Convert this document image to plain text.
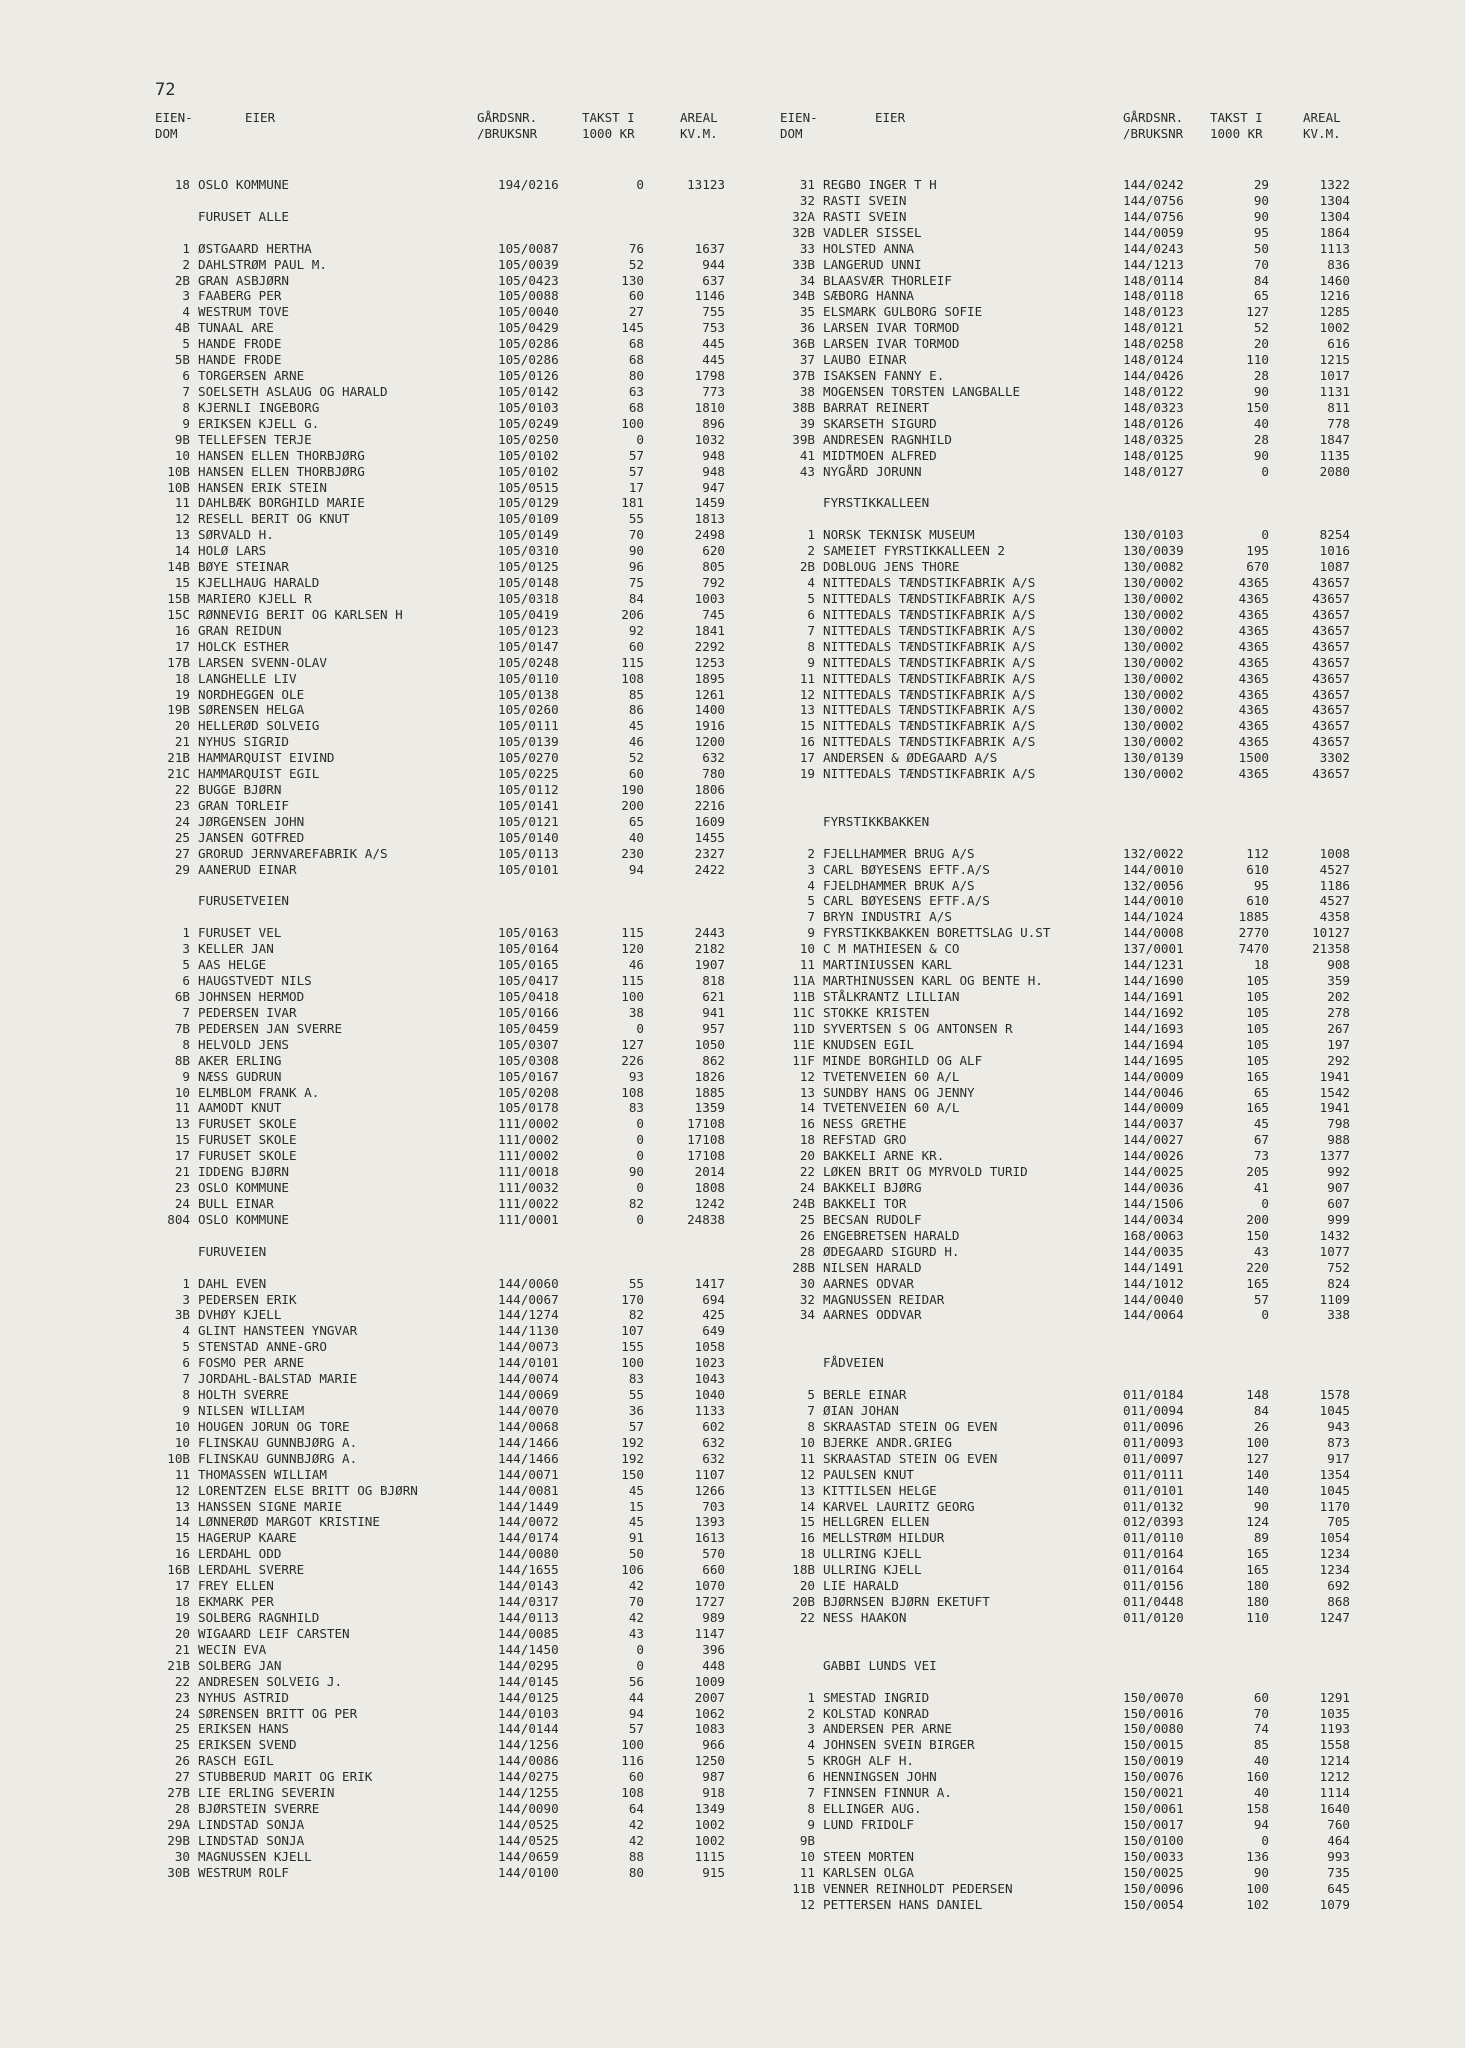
72
EIEN-
DOM
EIER	GÅRDSNR.
/BRUKSNR
TAKST I
1000 KR
AREAL
KV.M.
18 OSLO KOMMUNE	194/0216	0	13123
FURUSET ALLE
1 ØSTGAARD HERTHA	105/0087	76	1637
2 DAHLSTRØM PAUL M.	105/0039	52	944
2B GRAN ASBJØRN	105/0423	130	637
3 FAABERG PER	105/0088	60	1146
4 WESTRUM TOVE	105/0040	27	755
4B TUNAAL ARE	105/0429	145	753
5 HANDE FRODE	105/0286	68	445
5B HANDE FRODE	105/0286	68	445
6 TORGERSEN ARNE	105/0126	80	1798
7 SOELSETH ASLAUG OG HARALD	105/0142	63	773
8 KJERNLI INGEBORG	105/0103	68	1810
9 ERIKSEN KJELL G.	105/0249	100	896
9B TELLEFSEN TERJE	105/0250	0	1032
10 HANSEN ELLEN THORBJØRG	105/0102	57	948
10B HANSEN ELLEN THORBJØRG	105/0102	57	948
10B HANSEN ERIK STEIN	105/0515	17	947
11 DAHLBÆK BORGHILD MARIE	105/0129	181	1459
12 RESELL BERIT OG KNUT	105/0109	55	1813
13 SØRVALD H.	105/0149	70	2498
14 HOLØ LARS	105/0310	90	620
14B BØYE STEINAR	105/0125	96	805
15 KJELLHAUG HARALD	105/0148	75	792
15B MARIERO KJELL R	105/0318	84	1003
15C RØNNEVIG BERIT OG KARLSEN H	105/0419	206	745
16 GRAN REIDUN	105/0123	92	1841
17 HOLCK ESTHER	105/0147	60	2292
17B LARSEN SVENN-OLAV	105/0248	115	1253
18 LANGHELLE LIV	105/0110	108	1895
19 NORDHEGGEN OLE	105/0138	85	1261
19B SØRENSEN HELGA	105/0260	86	1400
20 HELLERØD SOLVEIG	105/0111	45	1916
21 NYHUS SIGRID	105/0139	46	1200
21B HAMMARQUIST EIVIND	105/0270	52	632
21C HAMMARQUIST EGIL	105/0225	60	780
22 BUGGE BJØRN	105/0112	190	1806
23 GRAN TORLEIF	105/0141	200	2216
24 JØRGENSEN JOHN	105/0121	65	1609
25 JANSEN GOTFRED	105/0140	40	1455
27 GRORUD JERNVAREFABRIK A/S	105/0113	230	2327
29 AANERUD EINAR	105/0101	94	2422
FURUSETVEIEN
1 FURUSET VEL	105/0163	115	2443
3 KELLER JAN	105/0164	120	2182
5 AAS HELGE	105/0165	46	1907
6 HAUGSTVEDT NILS	105/0417	115	818
6B JOHNSEN HERMOD	105/0418	100	621
7 PEDERSEN IVAR	105/0166	38	941
7B PEDERSEN JAN SVERRE	105/0459	0	957
8 HELVOLD JENS	105/0307	127	1050
8B AKER ERLING	105/0308	226	862
9 NÆSS GUDRUN	105/0167	93	1826
10 ELMBLOM FRANK A.	105/0208	108	1885
11 AAMODT KNUT	105/0178	83	1359
13 FURUSET SKOLE	111/0002	0	17108
15 FURUSET SKOLE	111/0002	0	17108
17 FURUSET SKOLE	111/0002	0	17108
21 IDDENG BJØRN	111/0018	90	2014
23 OSLO KOMMUNE	111/0032	0	1808
24 BULL EINAR	111/0022	82	1242
804 OSLO KOMMUNE	111/0001	0	24838
FURUVEIEN
1 DAHL EVEN	144/0060	55	1417
3 PEDERSEN ERIK	144/0067	170	694
3B DVHØY KJELL	144/1274	82	425
4 GLINT HANSTEEN YNGVAR	144/1130	107	649
5 STENSTAD ANNE-GRO	144/0073	155	1058
6 FOSMO PER ARNE	144/0101	100	1023
7 JORDAHL-BALSTAD MARIE	144/0074	83	1043
8 HOLTH SVERRE	144/0069	55	1040
9 NILSEN WILLIAM	144/0070	36	1133
10 HOUGEN JORUN OG TORE	144/0068	57	602
10 FLINSKAU GUNNBJØRG A.	144/1466	192	632
10B FLINSKAU GUNNBJØRG A.	144/1466	192	632
11 THOMASSEN WILLIAM	144/0071	150	1107
12 LORENTZEN ELSE BRITT OG BJØRN	144/0081	45	1266
13 HANSSEN SIGNE MARIE	144/1449	15	703
14 LØNNERØD MARGOT KRISTINE	144/0072	45	1393
15 HAGERUP KAARE	144/0174	91	1613
16 LERDAHL ODD	144/0080	50	570
16B LERDAHL SVERRE	144/1655	106	660
17 FREY ELLEN	144/0143	42	1070
18 EKMARK PER	144/0317	70	1727
19 SOLBERG RAGNHILD	144/0113	42	989
20 WIGAARD LEIF CARSTEN	144/0085	43	1147
21 WECIN EVA	144/1450	0	396
21B SOLBERG JAN	144/0295	0	448
22 ANDRESEN SOLVEIG J.	144/0145	56	1009
23 NYHUS ASTRID	144/0125	44	2007
24 SØRENSEN BRITT OG PER	144/0103	94	1062
25 ERIKSEN HANS	144/0144	57	1083
25 ERIKSEN SVEND	144/1256	100	966
26 RASCH EGIL	144/0086	116	1250
27 STUBBERUD MARIT OG ERIK	144/0275	60	987
27B LIE ERLING SEVERIN	144/1255	108	918
28 BJØRSTEIN SVERRE	144/0090	64	1349
29A LINDSTAD SONJA	144/0525	42	1002
29B LINDSTAD SONJA	144/0525	42	1002
30 MAGNUSSEN KJELL	144/0659	88	1115
30B WESTRUM ROLF	144/0100	80	915
EIEN-
DOM
EIER	GÅRDSNR.
/BRUKSNR
TAKST I
1000 KR
AREAL
KV.M.
31 REGBO INGER T H	144/0242	29	1322
32 RASTI SVEIN	144/0756	90	1304
32A RASTI SVEIN	144/0756	90	1304
32B VADLER SISSEL	144/0059	95	1864
33 HOLSTED ANNA	144/0243	50	1113
33B LANGERUD UNNI	144/1213	70	836
34 BLAASVÆR THORLEIF	148/0114	84	1460
34B SÆBORG HANNA	148/0118	65	1216
35 ELSMARK GULBORG SOFIE	148/0123	127	1285
36 LARSEN IVAR TORMOD	148/0121	52	1002
36B LARSEN IVAR TORMOD	148/0258	20	616
37 LAUBO EINAR	148/0124	110	1215
37B ISAKSEN FANNY E.	144/0426	28	1017
38 MOGENSEN TORSTEN LANGBALLE	148/0122	90	1131
38B BARRAT REINERT	148/0323	150	811
39 SKARSETH SIGURD	148/0126	40	778
39B ANDRESEN RAGNHILD	148/0325	28	1847
41 MIDTMOEN ALFRED	148/0125	90	1135
43 NYGÅRD JORUNN	148/0127	0	2080
FYRSTIKKALLEEN
1 NORSK TEKNISK MUSEUM	130/0103	0	8254
2 SAMEIET FYRSTIKKALLEEN 2	130/0039	195	1016
2B DOBLOUG JENS THORE	130/0082	670	1087
4 NITTEDALS TÆNDSTIKFABRIK A/S	130/0002	4365	43657
5 NITTEDALS TÆNDSTIKFABRIK A/S	130/0002	4365	43657
6 NITTEDALS TÆNDSTIKFABRIK A/S	130/0002	4365	43657
7 NITTEDALS TÆNDSTIKFABRIK A/S	130/0002	4365	43657
8 NITTEDALS TÆNDSTIKFABRIK A/S	130/0002	4365	43657
9 NITTEDALS TÆNDSTIKFABRIK A/S	130/0002	4365	43657
11 NITTEDALS TÆNDSTIKFABRIK A/S	130/0002	4365	43657
12 NITTEDALS TÆNDSTIKFABRIK A/S	130/0002	4365	43657
13 NITTEDALS TÆNDSTIKFABRIK A/S	130/0002	4365	43657
15 NITTEDALS TÆNDSTIKFABRIK A/S	130/0002	4365	43657
16 NITTEDALS TÆNDSTIKFABRIK A/S	130/0002	4365	43657
17 ANDERSEN & ØDEGAARD A/S	130/0139	1500	3302
19 NITTEDALS TÆNDSTIKFABRIK A/S	130/0002	4365	43657
FYRSTIKKBAKKEN
2 FJELLHAMMER BRUG A/S	132/0022	112	1008
3 CARL BØYESENS EFTF.A/S	144/0010	610	4527
4 FJELDHAMMER BRUK A/S	132/0056	95	1186
5 CARL BØYESENS EFTF.A/S	144/0010	610	4527
7 BRYN INDUSTRI A/S	144/1024	1885	4358
9 FYRSTIKKBAKKEN BORETTSLAG U.ST	144/0008	2770	10127
10 C M MATHIESEN & CO	137/0001	7470	21358
11 MARTINIUSSEN KARL	144/1231	18	908
11A MARTHINUSSEN KARL OG BENTE H.	144/1690	105	359
11B STÅLKRANTZ LILLIAN	144/1691	105	202
11C STOKKE KRISTEN	144/1692	105	278
11D SYVERTSEN S OG ANTONSEN R	144/1693	105	267
11E KNUDSEN EGIL	144/1694	105	197
11F MINDE BORGHILD OG ALF	144/1695	105	292
12 TVETENVEIEN 60 A/L	144/0009	165	1941
13 SUNDBY HANS OG JENNY	144/0046	65	1542
14 TVETENVEIEN 60 A/L	144/0009	165	1941
16 NESS GRETHE	144/0037	45	798
18 REFSTAD GRO	144/0027	67	988
20 BAKKELI ARNE KR.	144/0026	73	1377
22 LØKEN BRIT OG MYRVOLD TURID	144/0025	205	992
24 BAKKELI BJØRG	144/0036	41	907
24B BAKKELI TOR	144/1506	0	607
25 BECSAN RUDOLF	144/0034	200	999
26 ENGEBRETSEN HARALD	168/0063	150	1432
28 ØDEGAARD SIGURD H.	144/0035	43	1077
28B NILSEN HARALD	144/1491	220	752
30 AARNES ODVAR	144/1012	165	824
32 MAGNUSSEN REIDAR	144/0040	57	1109
34 AARNES ODDVAR	144/0064	0	338
FÅDVEIEN
5 BERLE EINAR	011/0184	148	1578
7 ØIAN JOHAN	011/0094	84	1045
8 SKRAASTAD STEIN OG EVEN	011/0096	26	943
10 BJERKE ANDR.GRIEG	011/0093	100	873
11 SKRAASTAD STEIN OG EVEN	011/0097	127	917
12 PAULSEN KNUT	011/0111	140	1354
13 KITTILSEN HELGE	011/0101	140	1045
14 KARVEL LAURITZ GEORG	011/0132	90	1170
15 HELLGREN ELLEN	012/0393	124	705
16 MELLSTRØM HILDUR	011/0110	89	1054
18 ULLRING KJELL	011/0164	165	1234
18B ULLRING KJELL	011/0164	165	1234
20 LIE HARALD	011/0156	180	692
20B BJØRNSEN BJØRN EKETUFT	011/0448	180	868
22 NESS HAAKON	011/0120	110	1247
GABBI LUNDS VEI
1 SMESTAD INGRID	150/0070	60	1291
2 KOLSTAD KONRAD	150/0016	70	1035
3 ANDERSEN PER ARNE	150/0080	74	1193
4 JOHNSEN SVEIN BIRGER	150/0015	85	1558
5 KROGH ALF H.	150/0019	40	1214
6 HENNINGSEN JOHN	150/0076	160	1212
7 FINNSEN FINNUR A.	150/0021	40	1114
8 ELLINGER AUG.	150/0061	158	1640
9 LUND FRIDOLF	150/0017	94	760
9B	150/0100	0	464
10 STEEN MORTEN	150/0033	136	993
11 KARLSEN OLGA	150/0025	90	735
11B VENNER REINHOLDT PEDERSEN	150/0096	100	645
12 PETTERSEN HANS DANIEL	150/0054	102	1079
